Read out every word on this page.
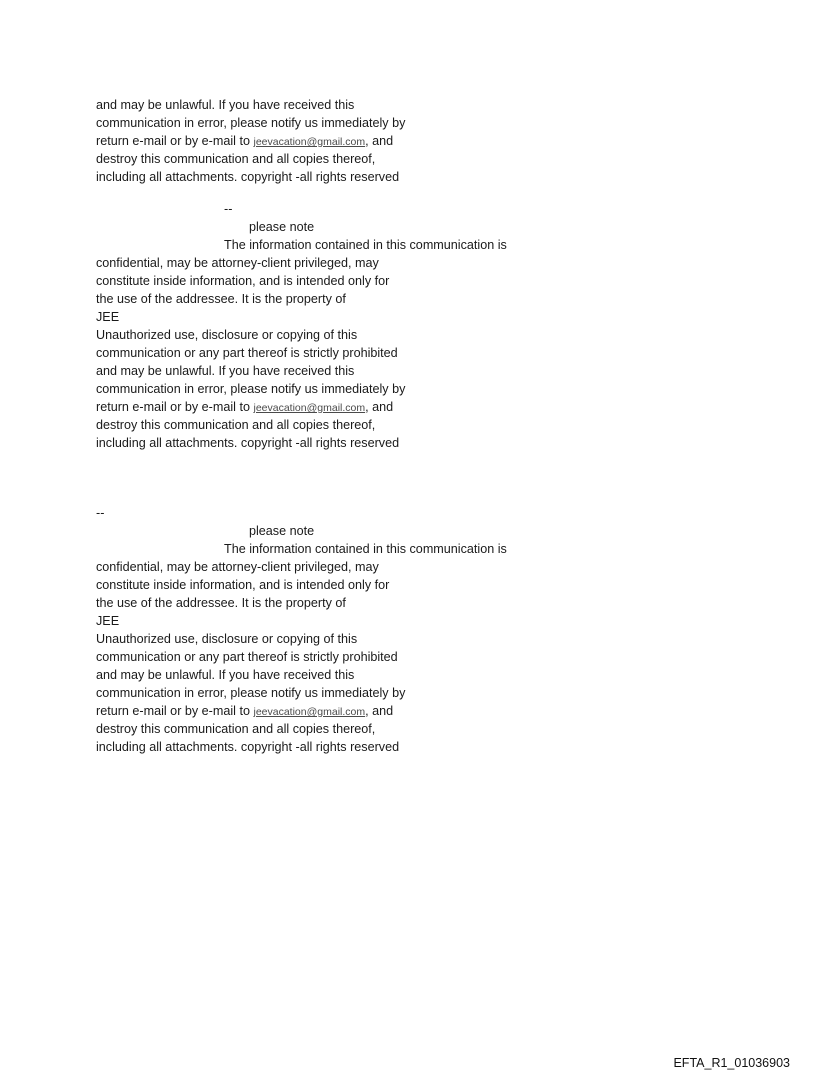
and may be unlawful. If you have received this
communication in error, please notify us immediately by
return e-mail or by e-mail to jeevacation@gmail.com, and
destroy this communication and all copies thereof,
including all attachments. copyright -all rights reserved
--
please note
The information contained in this communication is
confidential, may be attorney-client privileged, may
constitute inside information, and is intended only for
the use of the addressee. It is the property of
JEE
Unauthorized use, disclosure or copying of this
communication or any part thereof is strictly prohibited
and may be unlawful. If you have received this
communication in error, please notify us immediately by
return e-mail or by e-mail to jeevacation@gmail.com, and
destroy this communication and all copies thereof,
including all attachments. copyright -all rights reserved
--
please note
The information contained in this communication is
confidential, may be attorney-client privileged, may
constitute inside information, and is intended only for
the use of the addressee. It is the property of
JEE
Unauthorized use, disclosure or copying of this
communication or any part thereof is strictly prohibited
and may be unlawful. If you have received this
communication in error, please notify us immediately by
return e-mail or by e-mail to jeevacation@gmail.com, and
destroy this communication and all copies thereof,
including all attachments. copyright -all rights reserved
EFTA_R1_01036903
